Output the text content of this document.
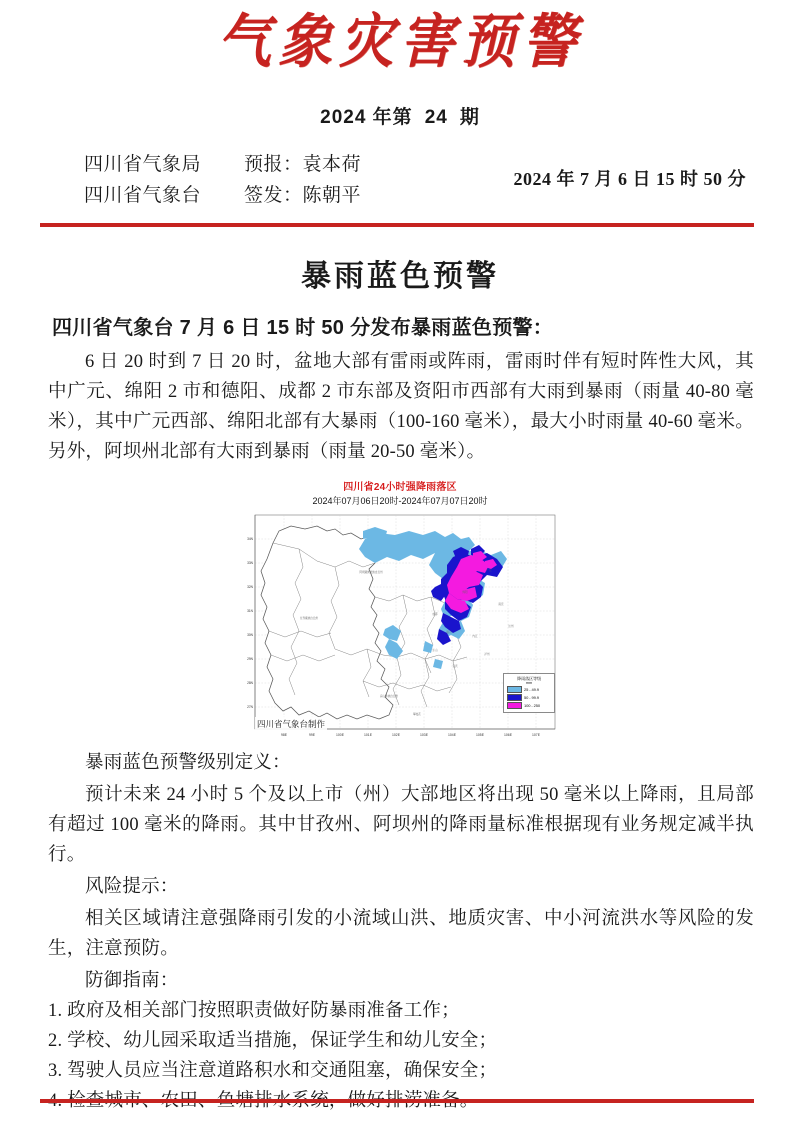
气象灾害预警
2024 年第 24 期
四川省气象局	预报： 袁本荷
四川省气象台	签发： 陈朝平
2024 年 7 月 6 日 15 时 50 分
暴雨蓝色预警
四川省气象台 7 月 6 日 15 时 50 分发布暴雨蓝色预警：

6 日 20 时到 7 日 20 时，盆地大部有雷雨或阵雨，雷雨时伴有短时阵性大风，其中广元、绵阳 2 市和德阳、成都 2 市东部及资阳市西部有大雨到暴雨（雨量 40-80 毫米），其中广元西部、绵阳北部有大暴雨（100-160 毫米），最大小时雨量 40-60 毫米。另外，阿坝州北部有大雨到暴雨（雨量 20-50 毫米）。

四川省24小时强降雨落区
2024年07月06日20时-2024年07月07日20时
98E	99E	100E	101E	102E	103E	104E	105E	106E	107E
34N
33N
32N
31N
30N
29N
28N
27N
阿坝藏族羌族自治州
甘孜藏族自治州
成都
绵阳
广元
南充
达州
眉山
乐山
内江
泸州
宜宾
凉山彝族自治州
攀枝花
四川省气象台制作
降雨落区等级
mm
25 - 49.9
50 - 99.9
100 - 250

暴雨蓝色预警级别定义：

预计未来 24 小时 5 个及以上市（州）大部地区将出现 50 毫米以上降雨，且局部有超过 100 毫米的降雨。其中甘孜州、阿坝州的降雨量标准根据现有业务规定减半执行。

风险提示：

相关区域请注意强降雨引发的小流域山洪、地质灾害、中小河流洪水等风险的发生，注意预防。

防御指南：

1. 政府及相关部门按照职责做好防暴雨准备工作；
2. 学校、幼儿园采取适当措施，保证学生和幼儿安全；
3. 驾驶人员应当注意道路积水和交通阻塞，确保安全；
